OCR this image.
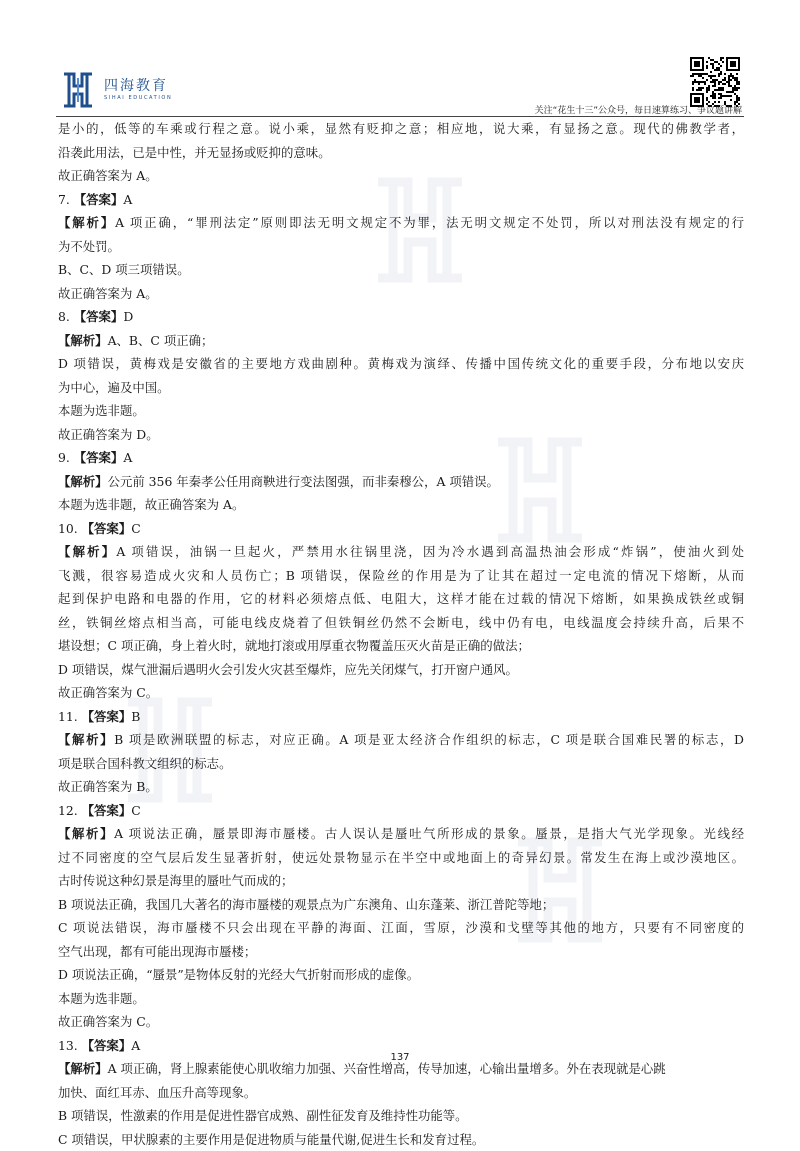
四海教育
SIHAI EDUCATION
关注“花生十三”公众号，每日速算练习、争议题讲解
是小的，低等的车乘或行程之意。说小乘，显然有贬抑之意；相应地，说大乘，有显扬之意。现代的佛教学者，
沿袭此用法，已是中性，并无显扬或贬抑的意味。
故正确答案为 A。
7. 【答案】A
【解析】A 项正确，“罪刑法定”原则即法无明文规定不为罪，法无明文规定不处罚，所以对刑法没有规定的行
为不处罚。
B、C、D 项三项错误。
故正确答案为 A。
8. 【答案】D
【解析】A、B、C 项正确；
D 项错误，黄梅戏是安徽省的主要地方戏曲剧种。黄梅戏为演绎、传播中国传统文化的重要手段，分布地以安庆
为中心，遍及中国。
本题为选非题。
故正确答案为 D。
9. 【答案】A
【解析】公元前 356 年秦孝公任用商鞅进行变法图强，而非秦穆公，A 项错误。
本题为选非题，故正确答案为 A。
10. 【答案】C
【解析】A 项错误，油锅一旦起火，严禁用水往锅里浇，因为冷水遇到高温热油会形成“炸锅”，使油火到处
飞溅，很容易造成火灾和人员伤亡；B 项错误，保险丝的作用是为了让其在超过一定电流的情况下熔断，从而
起到保护电路和电器的作用，它的材料必须熔点低、电阻大，这样才能在过载的情况下熔断，如果换成铁丝或铜
丝，铁铜丝熔点相当高，可能电线皮烧着了但铁铜丝仍然不会断电，线中仍有电，电线温度会持续升高，后果不
堪设想；C 项正确，身上着火时，就地打滚或用厚重衣物覆盖压灭火苗是正确的做法；
D 项错误，煤气泄漏后遇明火会引发火灾甚至爆炸，应先关闭煤气，打开窗户通风。
故正确答案为 C。
11. 【答案】B
【解析】B 项是欧洲联盟的标志，对应正确。A 项是亚太经济合作组织的标志，C 项是联合国难民署的标志，D
项是联合国科教文组织的标志。
故正确答案为 B。
12. 【答案】C
【解析】A 项说法正确，蜃景即海市蜃楼。古人误认是蜃吐气所形成的景象。蜃景，是指大气光学现象。光线经
过不同密度的空气层后发生显著折射，使远处景物显示在半空中或地面上的奇异幻景。常发生在海上或沙漠地区。
古时传说这种幻景是海里的蜃吐气而成的；
B 项说法正确，我国几大著名的海市蜃楼的观景点为广东澳角、山东蓬莱、浙江普陀等地；
C 项说法错误，海市蜃楼不只会出现在平静的海面、江面，雪原，沙漠和戈壁等其他的地方，只要有不同密度的
空气出现，都有可能出现海市蜃楼；
D 项说法正确，“蜃景”是物体反射的光经大气折射而形成的虚像。
本题为选非题。
故正确答案为 C。
13. 【答案】A
【解析】A 项正确，肾上腺素能使心肌收缩力加强、兴奋性增高，传导加速，心输出量增多。外在表现就是心跳
加快、面红耳赤、血压升高等现象。
B 项错误，性激素的作用是促进性器官成熟、副性征发育及维持性功能等。
C 项错误，甲状腺素的主要作用是促进物质与能量代谢,促进生长和发育过程。
137
